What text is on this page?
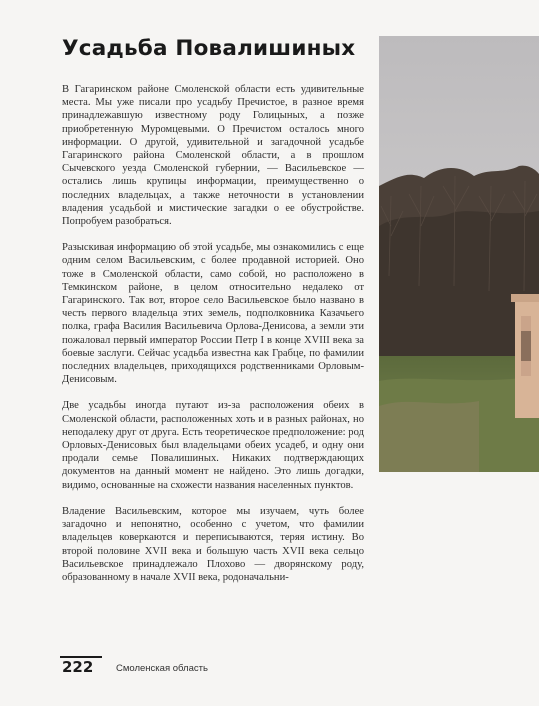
Усадьба Повалишиных

В Гагаринском районе Смоленской области есть удивительные места. Мы уже писали про усадьбу Пречистое, в разное время принадлежавшую известному роду Голицыных, а позже приобретенную Муромцевыми. О Пречистом осталось много информации. О другой, удивительной и загадочной усадьбе Гагаринского района Смоленской области, а в прошлом Сычевского уезда Смоленской губернии, — Васильевское — остались лишь крупицы информации, преимущественно о последних владельцах, а также неточности в установлении владения усадьбой и мистические загадки о ее обустройстве. Попробуем разобраться.

Разыскивая информацию об этой усадьбе, мы ознакомились с еще одним селом Васильевским, с более продавной историей. Оно тоже в Смоленской области, само собой, но расположено в Темкинском районе, в целом относительно недалеко от Гагаринского. Так вот, второе село Васильевское было названо в честь первого владельца этих земель, подполковника Казачьего полка, графа Василия Васильевича Орлова-Денисова, а земли эти пожаловал первый император России Петр I в конце XVIII века за боевые заслуги. Сейчас усадьба известна как Грабце, по фамилии последних владельцев, приходящихся родственниками Орловым-Денисовым.

Две усадьбы иногда путают из-за расположения обеих в Смоленской области, расположенных хоть и в разных районах, но неподалеку друг от друга. Есть теоретическое предположение: род Орловых-Денисовых был владельцами обеих усадеб, и одну они продали семье Повалишиных. Никаких подтверждающих документов на данный момент не найдено. Это лишь догадки, видимо, основанные на схожести названия населенных пунктов.

Владение Васильевским, которое мы изучаем, чуть более загадочно и непонятно, особенно с учетом, что фамилии владельцев коверкаются и переписываются, теряя истину. Во второй половине XVII века и большую часть XVII века сельцо Васильевское принадлежало Плохово — дворянскому роду, образованному в начале XVII века, родоначальни-

222 Смоленская область
